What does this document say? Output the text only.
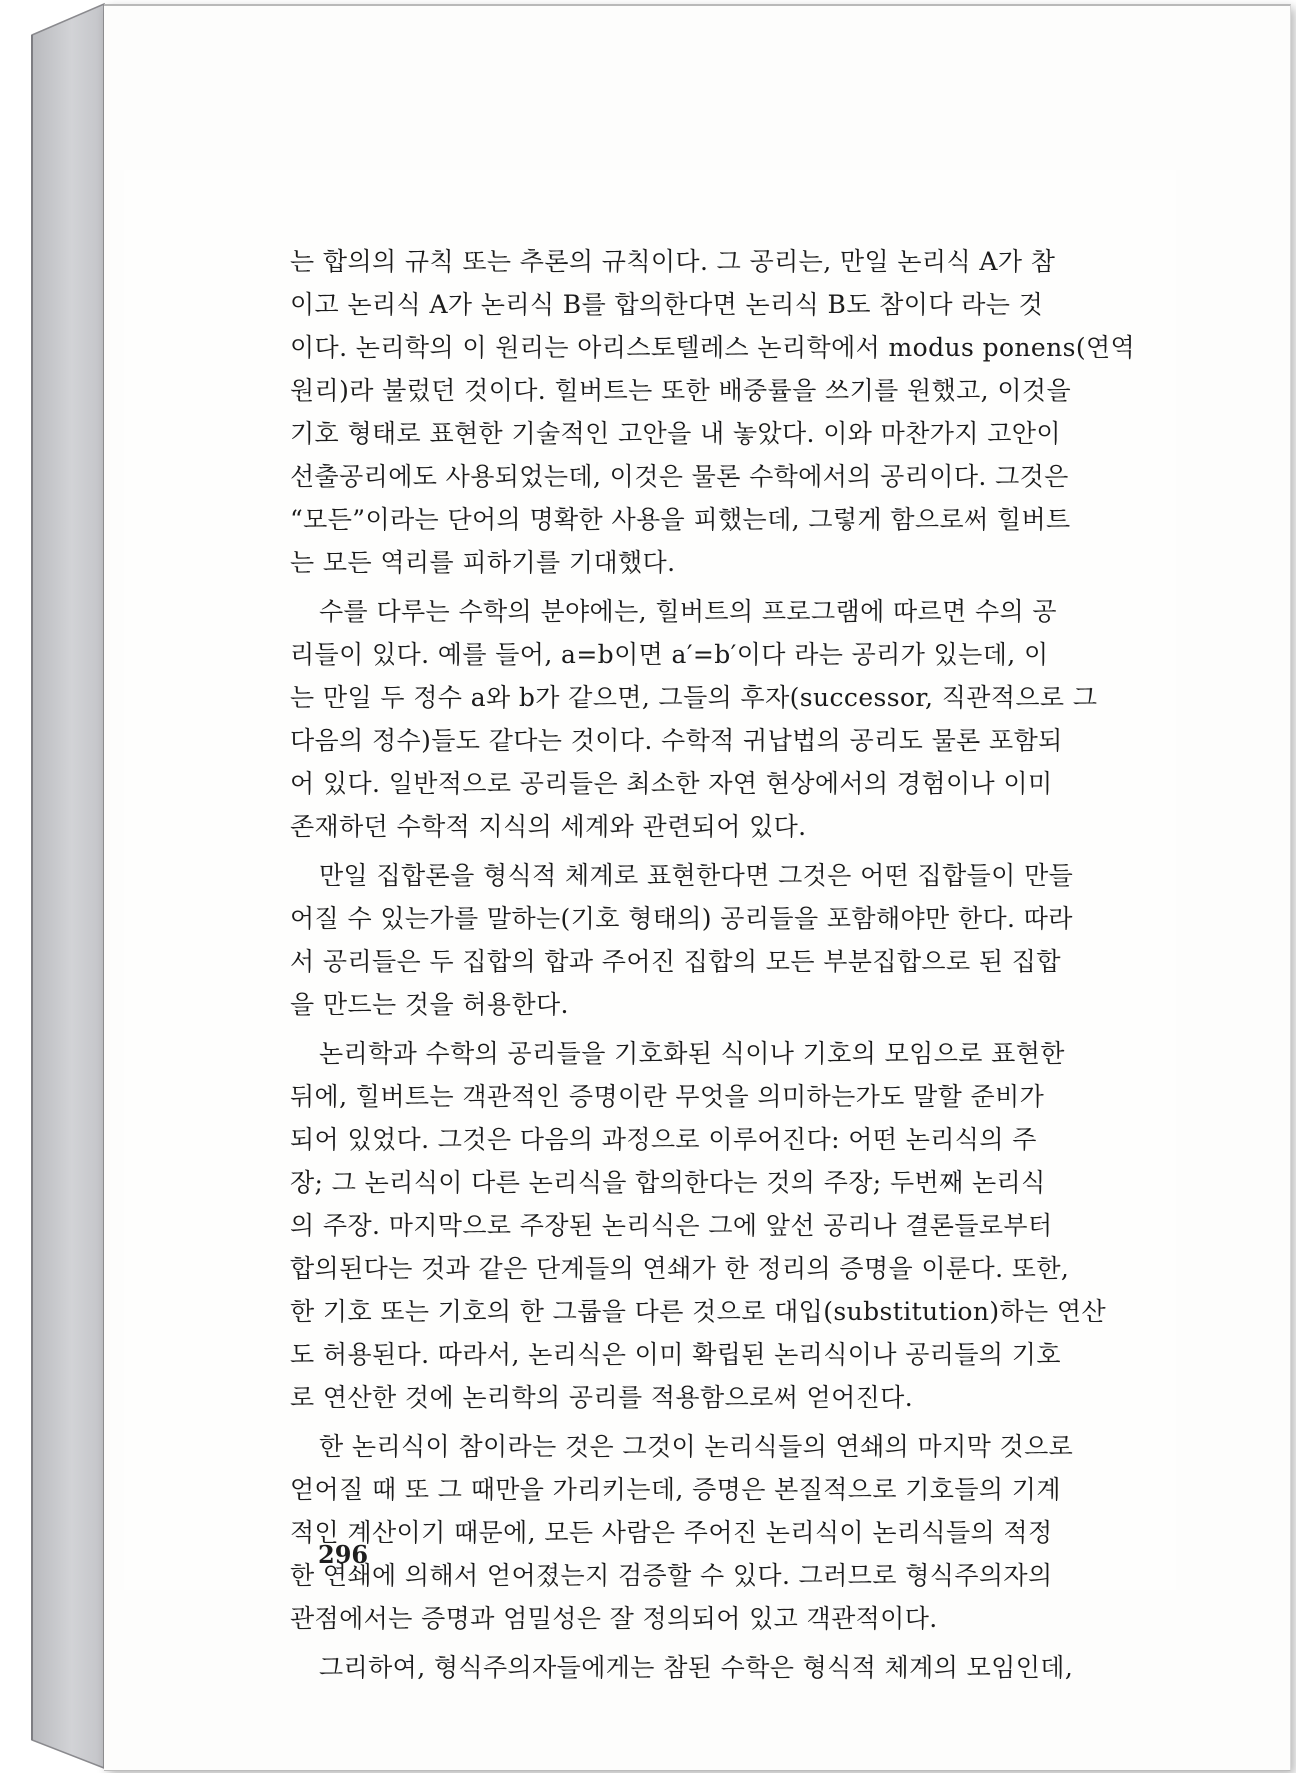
는 합의의 규칙 또는 추론의 규칙이다. 그 공리는, 만일 논리식 A가 참
이고 논리식 A가 논리식 B를 합의한다면 논리식 B도 참이다 라는 것
이다. 논리학의 이 원리는 아리스토텔레스 논리학에서 modus ponens(연역
원리)라 불렀던 것이다. 힐버트는 또한 배중률을 쓰기를 원했고, 이것을
기호 형태로 표현한 기술적인 고안을 내 놓았다. 이와 마찬가지 고안이
선출공리에도 사용되었는데, 이것은 물론 수학에서의 공리이다. 그것은
“모든”이라는 단어의 명확한 사용을 피했는데, 그렇게 함으로써 힐버트
는 모든 역리를 피하기를 기대했다.
수를 다루는 수학의 분야에는, 힐버트의 프로그램에 따르면 수의 공
리들이 있다. 예를 들어, a=b이면 a′=b′이다 라는 공리가 있는데, 이
는 만일 두 정수 a와 b가 같으면, 그들의 후자(successor, 직관적으로 그
다음의 정수)들도 같다는 것이다. 수학적 귀납법의 공리도 물론 포함되
어 있다. 일반적으로 공리들은 최소한 자연 현상에서의 경험이나 이미
존재하던 수학적 지식의 세계와 관련되어 있다.
만일 집합론을 형식적 체계로 표현한다면 그것은 어떤 집합들이 만들
어질 수 있는가를 말하는(기호 형태의) 공리들을 포함해야만 한다. 따라
서 공리들은 두 집합의 합과 주어진 집합의 모든 부분집합으로 된 집합
을 만드는 것을 허용한다.
논리학과 수학의 공리들을 기호화된 식이나 기호의 모임으로 표현한
뒤에, 힐버트는 객관적인 증명이란 무엇을 의미하는가도 말할 준비가
되어 있었다. 그것은 다음의 과정으로 이루어진다: 어떤 논리식의 주
장; 그 논리식이 다른 논리식을 합의한다는 것의 주장; 두번째 논리식
의 주장. 마지막으로 주장된 논리식은 그에 앞선 공리나 결론들로부터
합의된다는 것과 같은 단계들의 연쇄가 한 정리의 증명을 이룬다. 또한,
한 기호 또는 기호의 한 그룹을 다른 것으로 대입(substitution)하는 연산
도 허용된다. 따라서, 논리식은 이미 확립된 논리식이나 공리들의 기호
로 연산한 것에 논리학의 공리를 적용함으로써 얻어진다.
한 논리식이 참이라는 것은 그것이 논리식들의 연쇄의 마지막 것으로
얻어질 때 또 그 때만을 가리키는데, 증명은 본질적으로 기호들의 기계
적인 계산이기 때문에, 모든 사람은 주어진 논리식이 논리식들의 적정
한 연쇄에 의해서 얻어졌는지 검증할 수 있다. 그러므로 형식주의자의
관점에서는 증명과 엄밀성은 잘 정의되어 있고 객관적이다.
그리하여, 형식주의자들에게는 참된 수학은 형식적 체계의 모임인데,
296
